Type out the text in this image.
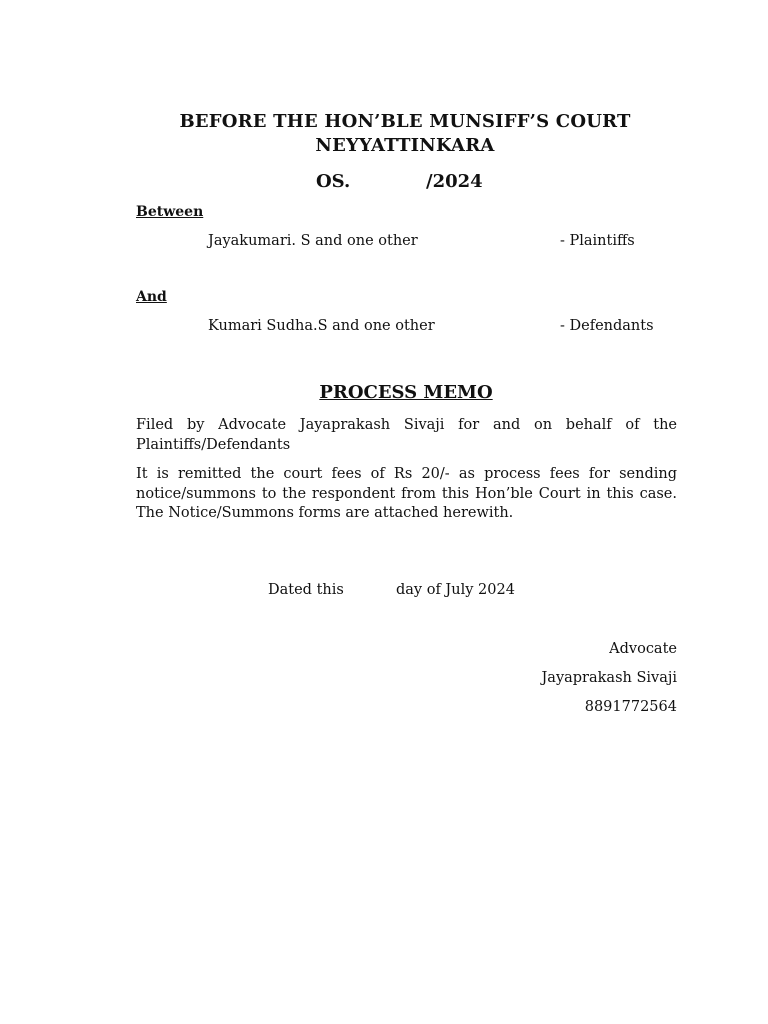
BEFORE THE HON’BLE MUNSIFF’S COURT
NEYYATTINKARA
OS.	/2024
Between
Jayakumari. S and one other	- Plaintiffs
And
Kumari Sudha.S and one other	- Defendants
PROCESS MEMO
Filed by Advocate Jayaprakash Sivaji for and on behalf of the Plaintiffs/Defendants
It is remitted the court fees of Rs 20/- as process fees for sending notice/summons to the respondent from this Hon’ble Court in this case. The Notice/Summons forms are attached herewith.
Dated this	day of July 2024
Advocate
Jayaprakash Sivaji
8891772564
